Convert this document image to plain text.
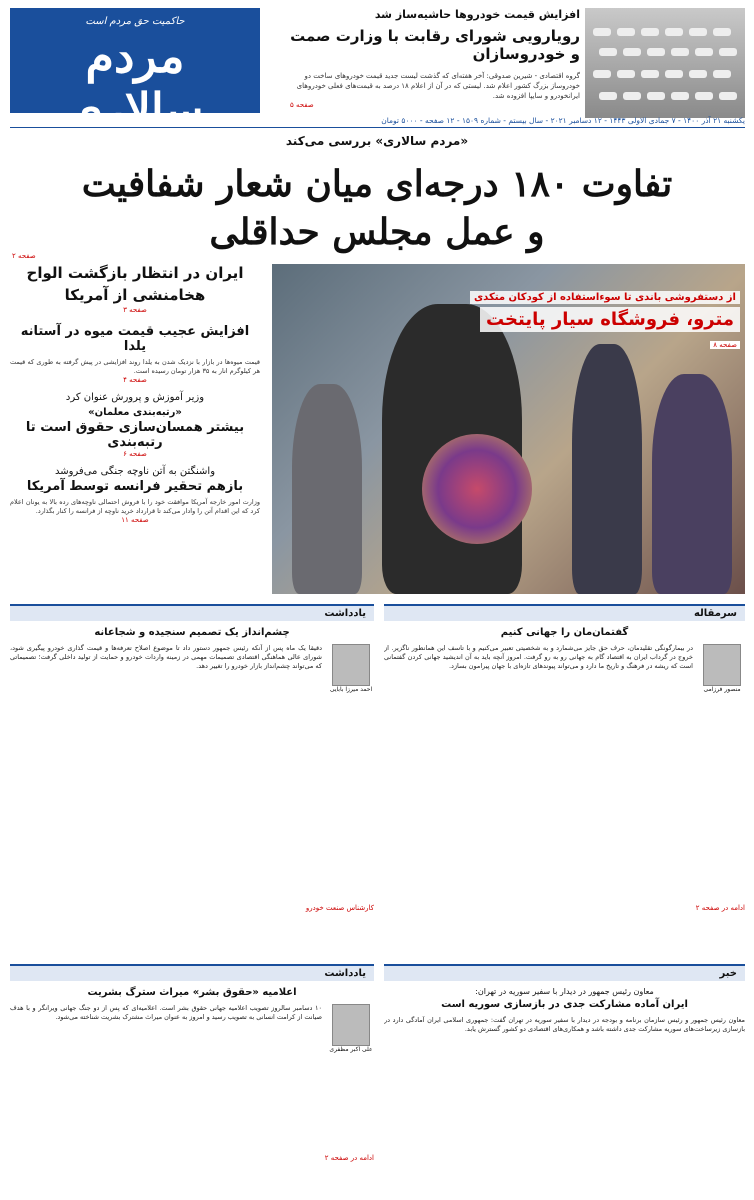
حاکمیت حق مردم است
مردم سالاری
افزایش قیمت خودروها حاشیه‌ساز شد
رویارویی شورای رقابت با وزارت صمت و خودروسازان
گروه اقتصادی - شیرین صدوقی: آخر هفته‌ای که گذشت لیست جدید قیمت خودروهای ساخت دو خودروساز بزرگ کشور اعلام شد. لیستی که در آن از اعلام ۱۸ درصد به قیمت‌های فعلی خودروهای ایرانخودرو و سایپا افزوده شد.
صفحه ۵
یکشنبه ۲۱ آذر ۱۴۰۰ - ۷ جمادی الاولی ۱۴۴۳ - ۱۲ دسامبر ۲۰۲۱ - سال بیستم - شماره ۱۵۰۹ - ۱۲ صفحه - ۵۰۰۰ تومان
«مردم سالاری» بررسی می‌کند
تفاوت ۱۸۰ درجه‌ای میان شعار شفافیت
و عمل مجلس حداقلی
صفحه ۲
ایران در انتظار بازگشت الواح هخامنشی از آمریکا
صفحه ۳
افزایش عجیب قیمت میوه در آستانه یلدا
قیمت میوه‌ها در بازار با نزدیک شدن به یلدا روند افزایشی در پیش گرفته به طوری که قیمت هر کیلوگرم انار به ۳۵ هزار تومان رسیده است.
صفحه ۴
وزیر آموزش و پرورش عنوان کرد
«رتبه‌بندی معلمان»
بیشتر همسان‌سازی حقوق است تا رتبه‌بندی
صفحه ۶
واشنگتن به آتن ناوچه جنگی می‌فروشد
بازهم تحقیر فرانسه توسط آمریکا
وزارت امور خارجه آمریکا موافقت خود را با فروش احتمالی ناوچه‌های رده بالا به یونان اعلام کرد که این اقدام آتن را وادار می‌کند تا قرارداد خرید ناوچه از فرانسه را کنار بگذارد.
صفحه ۱۱
از دستفروشی باندی تا سوءاستفاده از کودکان متکدی
مترو، فروشگاه سیار پایتخت
صفحه ۸
سرمقاله
گفتمان‌مان را جهانی کنیم
منصور فرزامی
در بیمارگونگی تقلیدمان، حرف حق جایز می‌شمارد و به شخصیتی تعبیر می‌کنیم و با تاسف این همانطور ناگزیر. از خروج در گرداب ایران به اقتصاد گام به جهانی رو به رو گرفت. امروز آنچه باید به آن اندیشید جهانی کردن گفتمانی است که ریشه در فرهنگ و تاریخ ما دارد و می‌تواند پیوندهای تازه‌ای با جهان پیرامون بسازد.
ادامه در صفحه ۲
یادداشت
چشم‌انداز یک تصمیم سنجیده و شجاعانه
احمد میرزا بابایی
دقیقا یک ماه پس از آنکه رئیس جمهور دستور داد تا موضوع اصلاح تعرفه‌ها و قیمت گذاری خودرو پیگیری شود، شورای عالی هماهنگی اقتصادی تصمیمات مهمی در زمینه واردات خودرو و حمایت از تولید داخلی گرفت؛ تصمیماتی که می‌تواند چشم‌انداز بازار خودرو را تغییر دهد.
کارشناس صنعت خودرو
خبر
معاون رئیس جمهور در دیدار با سفیر سوریه در تهران:
ایران آماده مشارکت جدی در بازسازی سوریه است
معاون رئیس جمهور و رئیس سازمان برنامه و بودجه در دیدار با سفیر سوریه در تهران گفت: جمهوری اسلامی ایران آمادگی دارد در بازسازی زیرساخت‌های سوریه مشارکت جدی داشته باشد و همکاری‌های اقتصادی دو کشور گسترش یابد.
یادداشت
اعلامیه «حقوق بشر» میراث سترگ بشریت
علی اکبر مظفری
۱۰ دسامبر سالروز تصویب اعلامیه جهانی حقوق بشر است. اعلامیه‌ای که پس از دو جنگ جهانی ویرانگر و با هدف صیانت از کرامت انسانی به تصویب رسید و امروز به عنوان میراث مشترک بشریت شناخته می‌شود.
ادامه در صفحه ۲
